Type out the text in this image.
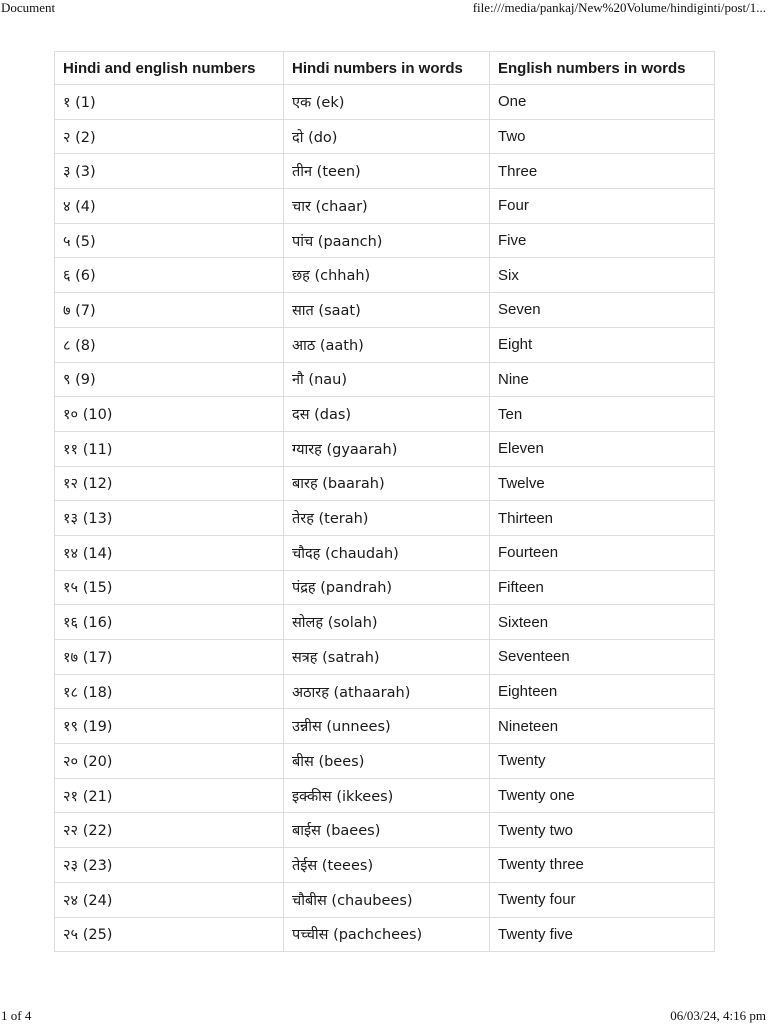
Document	file:///media/pankaj/New%20Volume/hindiginti/post/1...
Hindi and english numbers	Hindi numbers in words	English numbers in words
१ (1)	एक (ek)	One
२ (2)	दो (do)	Two
३ (3)	तीन (teen)	Three
४ (4)	चार (chaar)	Four
५ (5)	पांच (paanch)	Five
६ (6)	छह (chhah)	Six
७ (7)	सात (saat)	Seven
८ (8)	आठ (aath)	Eight
९ (9)	नौ (nau)	Nine
१० (10)	दस (das)	Ten
११ (11)	ग्यारह (gyaarah)	Eleven
१२ (12)	बारह (baarah)	Twelve
१३ (13)	तेरह (terah)	Thirteen
१४ (14)	चौदह (chaudah)	Fourteen
१५ (15)	पंद्रह (pandrah)	Fifteen
१६ (16)	सोलह (solah)	Sixteen
१७ (17)	सत्रह (satrah)	Seventeen
१८ (18)	अठारह (athaarah)	Eighteen
१९ (19)	उन्नीस (unnees)	Nineteen
२० (20)	बीस (bees)	Twenty
२१ (21)	इक्कीस (ikkees)	Twenty one
२२ (22)	बाईस (baees)	Twenty two
२३ (23)	तेईस (teees)	Twenty three
२४ (24)	चौबीस (chaubees)	Twenty four
२५ (25)	पच्चीस (pachchees)	Twenty five
1 of 4	06/03/24, 4:16 pm
